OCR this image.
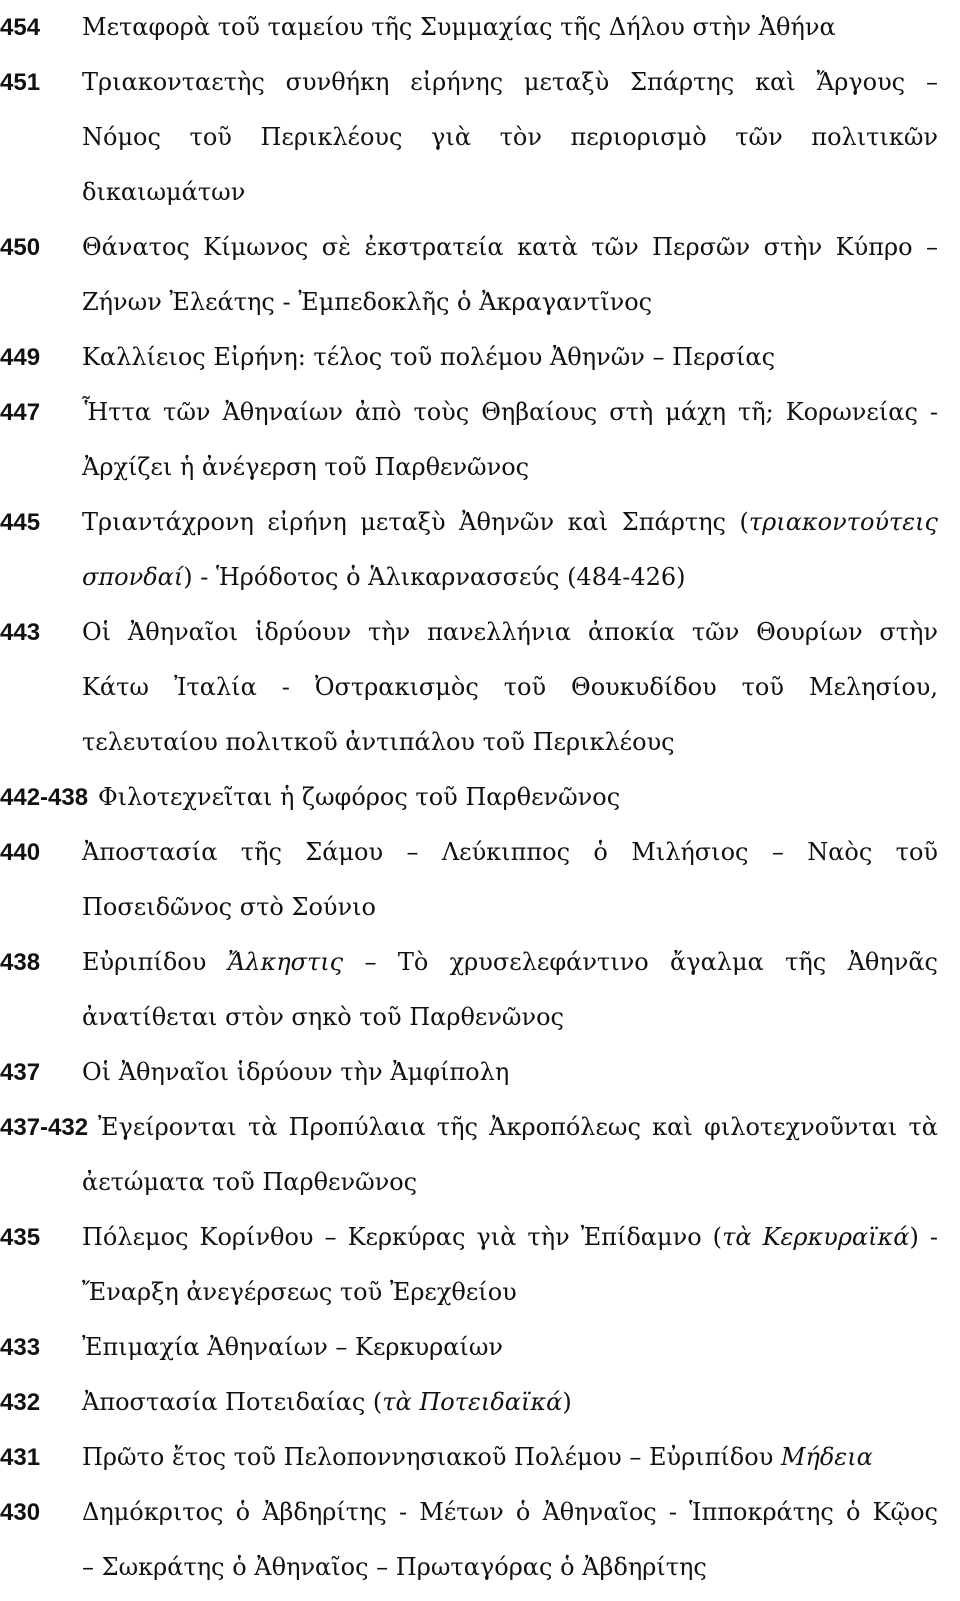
454	Μεταφορὰ τοῦ ταμείου τῆς Συμμαχίας τῆς Δήλου στὴν Ἀθήνα
451	Τριακονταετὴς συνθήκη εἰρήνης μεταξὺ Σπάρτης καὶ Ἄργους –
Νόμος τοῦ Περικλέους γιὰ τὸν περιορισμὸ τῶν πολιτικῶν
δικαιωμάτων
450	Θάνατος Κίμωνος σὲ ἐκστρατεία κατὰ τῶν Περσῶν στὴν Κύπρο –
Ζήνων Ἐλεάτης - Ἐμπεδοκλῆς ὁ Ἀκραγαντῖνος
449	Καλλίειος Εἰρήνη: τέλος τοῦ πολέμου Ἀθηνῶν – Περσίας
447	Ἧττα τῶν Ἀθηναίων ἀπὸ τοὺς Θηβαίους στὴ μάχη τῆ; Κορωνείας -
Ἀρχίζει ἡ ἀνέγερση τοῦ Παρθενῶνος
445	Τριαντάχρονη εἰρήνη μεταξὺ Ἀθηνῶν καὶ Σπάρτης (τριακοντούτεις
σπονδαί) - Ἡρόδοτος ὁ Ἁλικαρνασσεύς (484-426)
443	Οἱ Ἀθηναῖοι ἱδρύουν τὴν πανελλήνια ἀποκία τῶν Θουρίων στὴν
Κάτω Ἰταλία - Ὀστρακισμὸς τοῦ Θουκυδίδου τοῦ Μελησίου,
τελευταίου πολιτκοῦ ἀντιπάλου τοῦ Περικλέους
442-438 Φιλοτεχνεῖται ἡ ζωφόρος τοῦ Παρθενῶνος
440	Ἀποστασία τῆς Σάμου – Λεύκιππος ὁ Μιλήσιος – Ναὸς τοῦ
Ποσειδῶνος στὸ Σούνιο
438	Εὐριπίδου Ἄλκηστις – Τὸ χρυσελεφάντινο ἄγαλμα τῆς Ἀθηνᾶς
ἀνατίθεται στὸν σηκὸ τοῦ Παρθενῶνος
437	Οἱ Ἀθηναῖοι ἱδρύουν τὴν Ἀμφίπολη
437-432 Ἐγείρονται τὰ Προπύλαια τῆς Ἀκροπόλεως καὶ φιλοτεχνοῦνται τὰ
ἀετώματα τοῦ Παρθενῶνος
435	Πόλεμος Κορίνθου – Κερκύρας γιὰ τὴν Ἐπίδαμνο (τὰ Κερκυραϊκά) -
Ἔναρξη ἀνεγέρσεως τοῦ Ἐρεχθείου
433	Ἐπιμαχία Ἀθηναίων – Κερκυραίων
432	Ἀποστασία Ποτειδαίας (τὰ Ποτειδαϊκά)
431	Πρῶτο ἔτος τοῦ Πελοποννησιακοῦ Πολέμου – Εὐριπίδου Μήδεια
430	Δημόκριτος ὁ Ἀβδηρίτης - Μέτων ὁ Ἀθηναῖος - Ἱπποκράτης ὁ Κῷος
– Σωκράτης ὁ Ἀθηναῖος – Πρωταγόρας ὁ Ἀβδηρίτης
